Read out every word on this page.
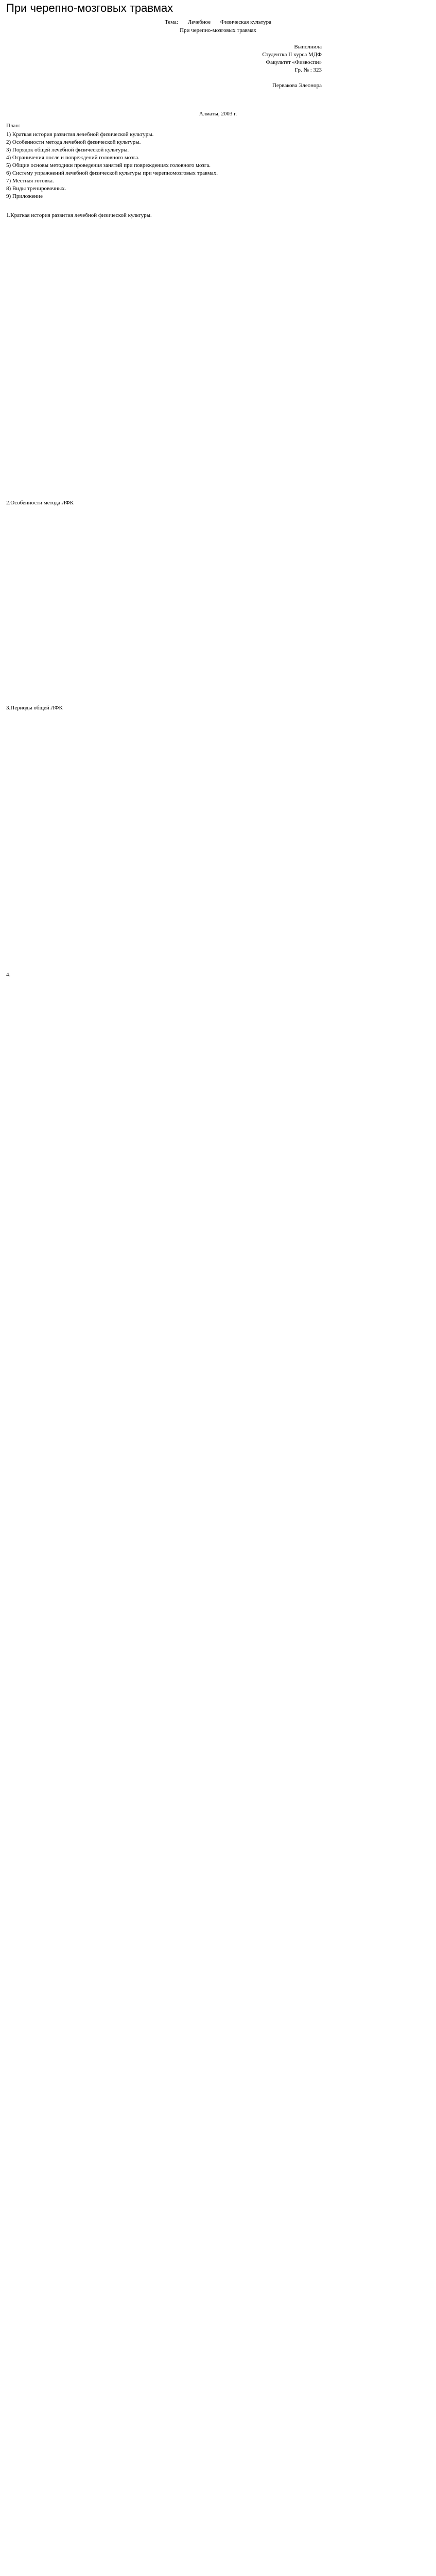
При черепно-мозговых травмах
Тема: Лечебное Физическая культура
При черепно-мозговых травмах
Выполнила
Студентка II курса МДФ
Факультет «Физвоспи»
Гр. № : 323

Первакова Элеонора
Алматы, 2003 г.
План:
1) Краткая история развития лечебной физической культуры.
2) Особенности метода лечебной физической культуры.
3) Порядок общей лечебной физической культуры.
4) Ограничения после и повреждений головного мозга.
5) Общие основы методики проведения занятий при повреждениях головного мозга.
6) Систему упражнений лечебной физической культуры при черепномозговых травмах.
7) Местная готовка.
8) Виды тренировочных.
9) Приложение
1.Краткая история развития лечебной физической культуры.

2.Особенности метода ЛФК

3.Периоды общей ЛФК

4.
